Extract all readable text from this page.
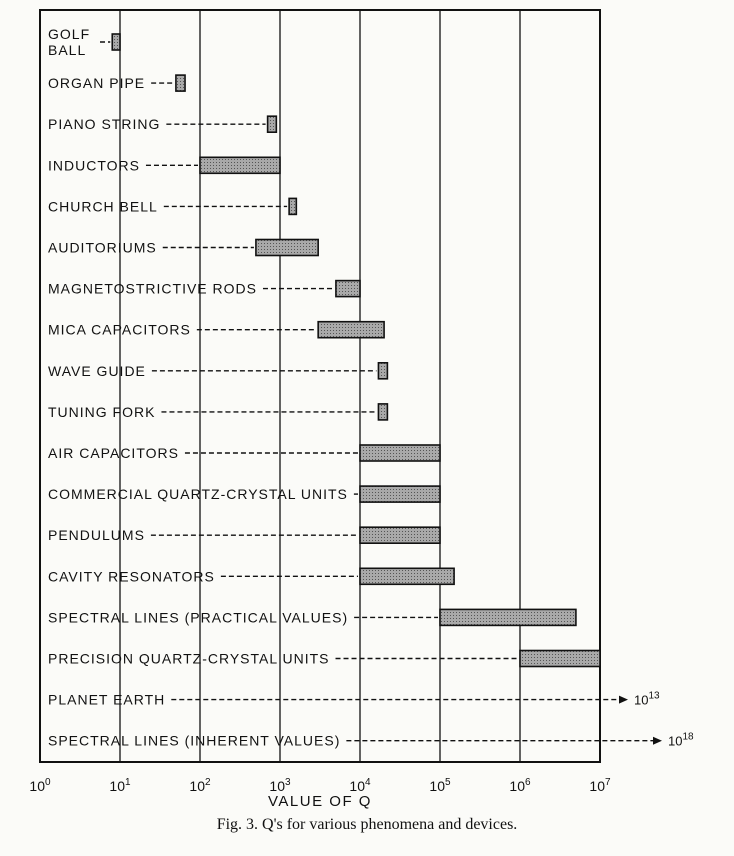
GOLF
BALL
ORGAN PIPE
PIANO STRING
INDUCTORS
CHURCH BELL
AUDITORIUMS
MAGNETOSTRICTIVE RODS
MICA CAPACITORS
WAVE GUIDE
TUNING FORK
AIR CAPACITORS
COMMERCIAL QUARTZ-CRYSTAL UNITS
PENDULUMS
CAVITY RESONATORS
SPECTRAL LINES (PRACTICAL VALUES)
PRECISION QUARTZ-CRYSTAL UNITS
PLANET EARTH	$10^{13}$
SPECTRAL LINES (INHERENT VALUES)	$10^{18}$
$10^0$	$10^1$	$10^2$	$10^3$	$10^4$	$10^5$	$10^6$	$10^7$
VALUE OF Q
Fig. 3. Q's for various phenomena and devices.
